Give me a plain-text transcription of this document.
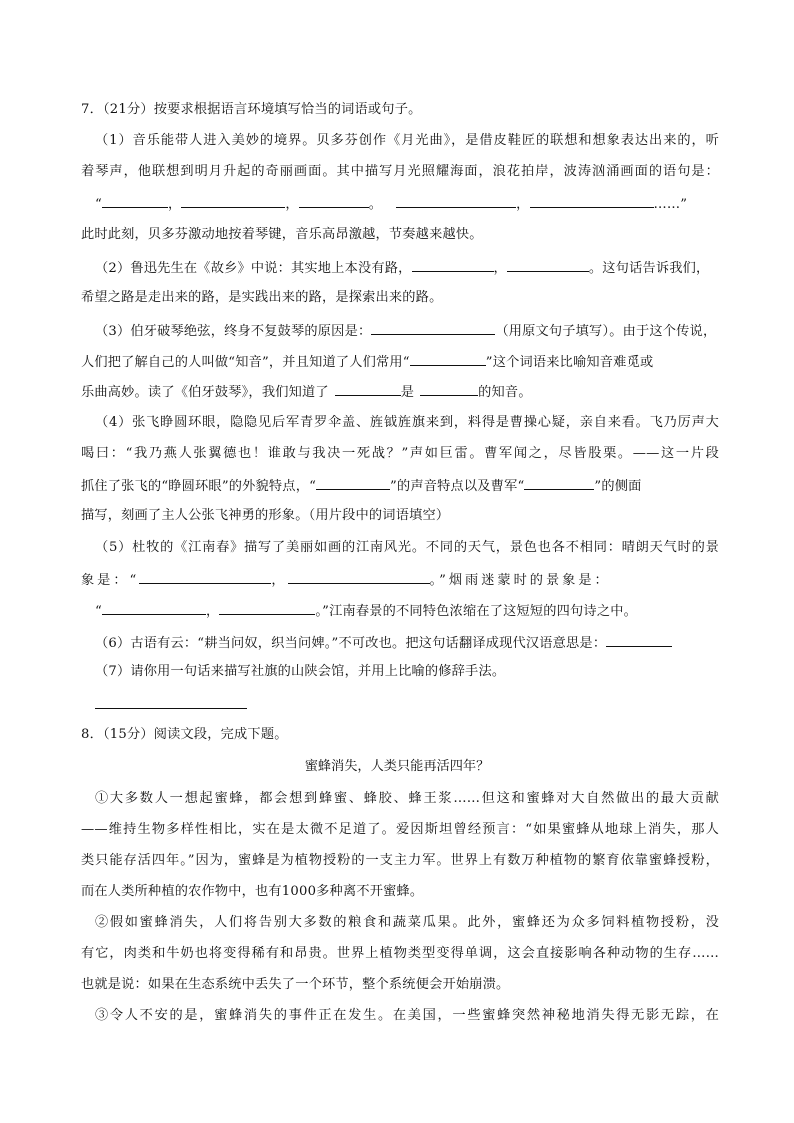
7．（21分）按要求根据语言环境填写恰当的词语或句子。
（1）音乐能带人进入美妙的境界。贝多芬创作《月光曲》，是借皮鞋匠的联想和想象表达出来的，听
着琴声，他联想到明月升起的奇丽画面。其中描写月光照耀海面，浪花拍岸，波涛汹涌画面的语句是：
“	，	，	。	，	……”
此时此刻，贝多芬激动地按着琴键，音乐高昂激越，节奏越来越快。
（2）鲁迅先生在《故乡》中说：其实地上本没有路，	，	。这句话告诉我们，
希望之路是走出来的路，是实践出来的路，是探索出来的路。
（3）伯牙破琴绝弦，终身不复鼓琴的原因是：	（用原文句子填写）。由于这个传说，
人们把了解自己的人叫做“知音”，并且知道了人们常用“	”这个词语来比喻知音难觅或
乐曲高妙。读了《伯牙鼓琴》，我们知道了	是	的知音。
（4）张飞睁圆环眼，隐隐见后军青罗伞盖、旌钺旌旗来到，料得是曹操心疑，亲自来看。飞乃厉声大
喝曰：“我乃燕人张翼德也！谁敢与我决一死战？”声如巨雷。曹军闻之，尽皆股栗。——这一片段
抓住了张飞的“睁圆环眼”的外貌特点，“	”的声音特点以及曹军“	”的侧面
描写，刻画了主人公张飞神勇的形象。（用片段中的词语填空）
（5）杜牧的《江南春》描写了美丽如画的江南风光。不同的天气，景色也各不相同：晴朗天气时的景
象是：“	，	。”烟雨迷蒙时的景象是：
“	，	。”江南春景的不同特色浓缩在了这短短的四句诗之中。
（6）古语有云：“耕当问奴，织当问婢。”不可改也。把这句话翻译成现代汉语意思是：
（7）请你用一句话来描写社旗的山陕会馆，并用上比喻的修辞手法。
8．（15分）阅读文段，完成下题。
蜜蜂消失，人类只能再活四年？
①大多数人一想起蜜蜂，都会想到蜂蜜、蜂胶、蜂王浆……但这和蜜蜂对大自然做出的最大贡献
——维持生物多样性相比，实在是太微不足道了。爱因斯坦曾经预言：“如果蜜蜂从地球上消失，那人
类只能存活四年。”因为，蜜蜂是为植物授粉的一支主力军。世界上有数万种植物的繁育依靠蜜蜂授粉，
而在人类所种植的农作物中，也有1000多种离不开蜜蜂。
②假如蜜蜂消失，人们将告别大多数的粮食和蔬菜瓜果。此外，蜜蜂还为众多饲料植物授粉，没
有它，肉类和牛奶也将变得稀有和昂贵。世界上植物类型变得单调，这会直接影响各种动物的生存……
也就是说：如果在生态系统中丢失了一个环节，整个系统便会开始崩溃。
③令人不安的是，蜜蜂消失的事件正在发生。在美国，一些蜜蜂突然神秘地消失得无影无踪，在
